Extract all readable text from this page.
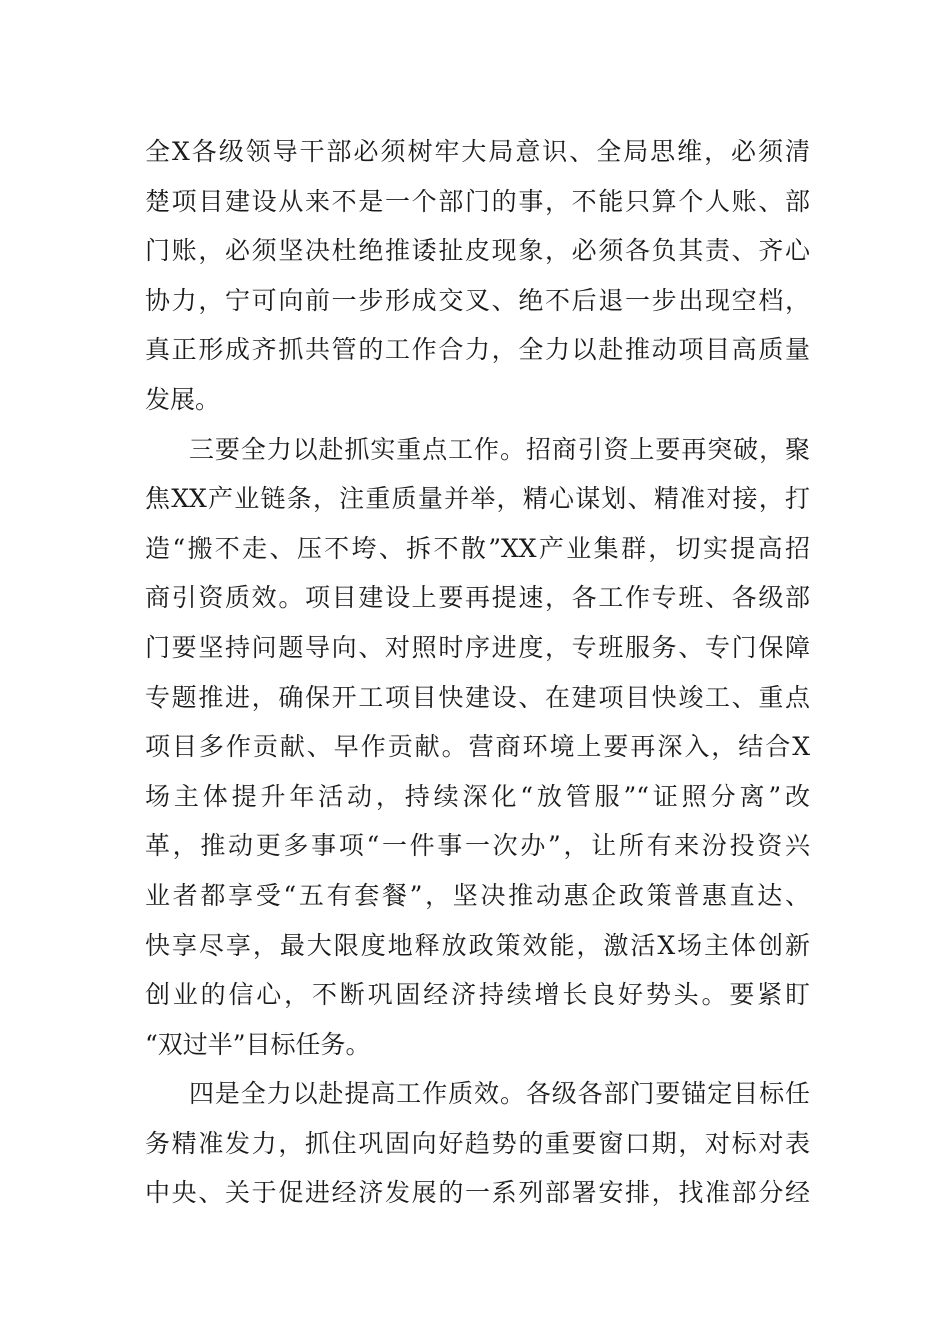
全X各级领导干部必须树牢大局意识、全局思维，必须清
楚项目建设从来不是一个部门的事，不能只算个人账、部
门账，必须坚决杜绝推诿扯皮现象，必须各负其责、齐心
协力，宁可向前一步形成交叉、绝不后退一步出现空档，
真正形成齐抓共管的工作合力，全力以赴推动项目高质量
发展。
三要全力以赴抓实重点工作。招商引资上要再突破，聚
焦XX产业链条，注重质量并举，精心谋划、精准对接，打
造“搬不走、压不垮、拆不散”XX产业集群，切实提高招
商引资质效。项目建设上要再提速，各工作专班、各级部
门要坚持问题导向、对照时序进度，专班服务、专门保障
专题推进，确保开工项目快建设、在建项目快竣工、重点
项目多作贡献、早作贡献。营商环境上要再深入，结合X
场主体提升年活动，持续深化“放管服”“证照分离”改
革，推动更多事项“一件事一次办”，让所有来汾投资兴
业者都享受“五有套餐”，坚决推动惠企政策普惠直达、
快享尽享，最大限度地释放政策效能，激活X场主体创新
创业的信心，不断巩固经济持续增长良好势头。要紧盯
“双过半”目标任务。
四是全力以赴提高工作质效。各级各部门要锚定目标任
务精准发力，抓住巩固向好趋势的重要窗口期，对标对表
中央、关于促进经济发展的一系列部署安排，找准部分经
